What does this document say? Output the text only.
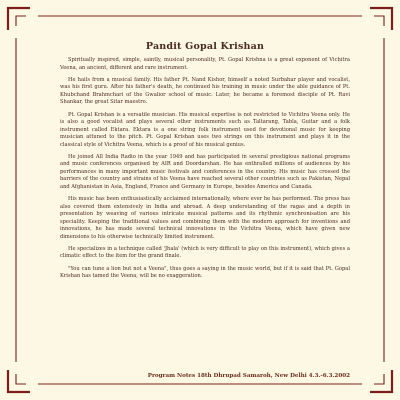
Pandit Gopal Krishan

Spiritually inspired, simple, saintly, musical personality, Pt. Gopal Krishna is a great exponent of Vichitra Veena, an ancient, different and rare instrument.

He hails from a musical family. His father Pt. Nand Kishor, himself a noted Surbahar player and vocalist, was his first guru. After his father's death, he continued his training in music under the able guidance of Pt. Khubchand Brahmchari of the Gwalior school of music. Later, he became a foremost disciple of Pt. Ravi Shankar, the great Sitar maestro.

Pt. Gopal Krishan is a versatile musician. His musical expertise is not restricted to Vichitra Veena only. He is also a good vocalist and plays several other instruments such as Taltarang, Tabla, Guitar and a folk instrument called Ektara. Ektara is a one string folk instrument used for devotional music for keeping musician attuned to the pitch. Pt. Gopal Krishan uses two strings on this instrument and plays it in the classical style of Vichitra Veena, which is a proof of his musical genius.

He joined All India Radio in the year 1949 and has participated in several prestigious national programs and music conferences organised by AIR and Doordarshan. He has enthralled millions of audiences by his performances in many important music festivals and conferences in the country. His music has crossed the barriers of the country and strains of his Veena have reached several other countries such as Pakistan, Nepal and Afghanistan in Asia, England, France and Germany in Europe, besides America and Canada.

His music has been enthusiastically acclaimed internationally, where ever he has performed. The press has also covered them extensively in India and abroad. A deep understanding of the ragas and a depth in presentation by weaving of various intricate musical patterns and its rhythmic synchronisation are his speciality. Keeping the traditional values and combining them with the modern approach for inventions and innovations, he has made several technical innovations in the Vichitra Veena, which have given new dimensions to his otherwise technically limited instrument.

He specializes in a technique called 'Jhala' (which is very difficult to play on this instrument), which gives a climatic effect to the item for the grand finale.

"You can tune a lion but not a Veena", thus goes a saying in the music world, but if it is said that Pt. Gopal Krishan has tamed the Veena, will be no exaggeration.

Program Notes 18th Dhrupad Samaroh, New Delhi 4.3.-6.3.2002
